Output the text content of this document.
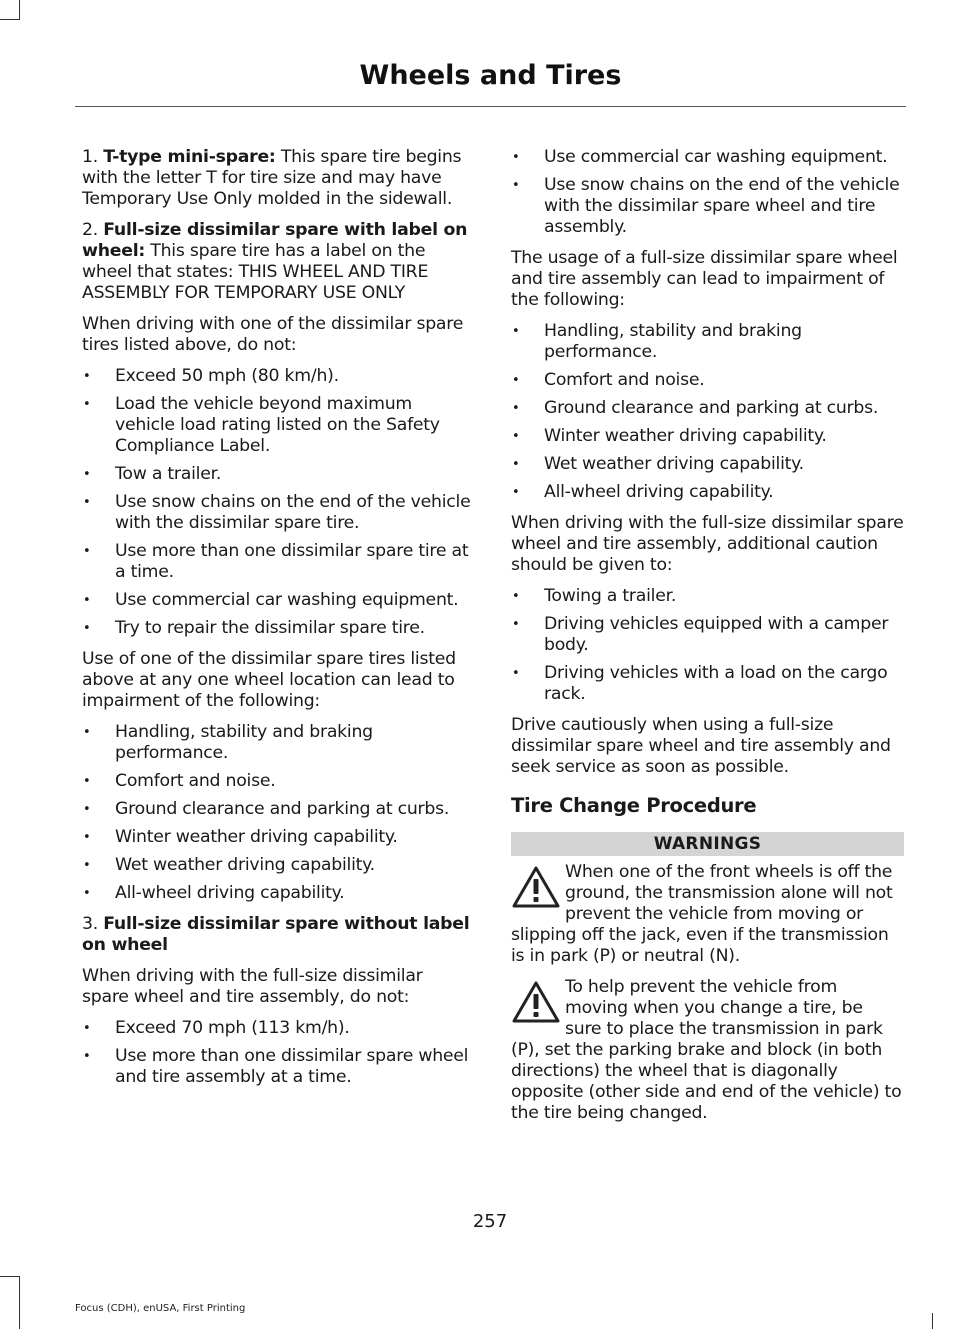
Wheels and Tires

1. T-type mini-spare: This spare tire begins with the letter T for tire size and may have Temporary Use Only molded in the sidewall.

2. Full-size dissimilar spare with label on wheel: This spare tire has a label on the wheel that states: THIS WHEEL AND TIRE ASSEMBLY FOR TEMPORARY USE ONLY

When driving with one of the dissimilar spare tires listed above, do not:

• Exceed 50 mph (80 km/h).
• Load the vehicle beyond maximum vehicle load rating listed on the Safety Compliance Label.
• Tow a trailer.
• Use snow chains on the end of the vehicle with the dissimilar spare tire.
• Use more than one dissimilar spare tire at a time.
• Use commercial car washing equipment.
• Try to repair the dissimilar spare tire.

Use of one of the dissimilar spare tires listed above at any one wheel location can lead to impairment of the following:

• Handling, stability and braking performance.
• Comfort and noise.
• Ground clearance and parking at curbs.
• Winter weather driving capability.
• Wet weather driving capability.
• All-wheel driving capability.

3. Full-size dissimilar spare without label on wheel

When driving with the full-size dissimilar spare wheel and tire assembly, do not:

• Exceed 70 mph (113 km/h).
• Use more than one dissimilar spare wheel and tire assembly at a time.
• Use commercial car washing equipment.
• Use snow chains on the end of the vehicle with the dissimilar spare wheel and tire assembly.

The usage of a full-size dissimilar spare wheel and tire assembly can lead to impairment of the following:

• Handling, stability and braking performance.
• Comfort and noise.
• Ground clearance and parking at curbs.
• Winter weather driving capability.
• Wet weather driving capability.
• All-wheel driving capability.

When driving with the full-size dissimilar spare wheel and tire assembly, additional caution should be given to:

• Towing a trailer.
• Driving vehicles equipped with a camper body.
• Driving vehicles with a load on the cargo rack.

Drive cautiously when using a full-size dissimilar spare wheel and tire assembly and seek service as soon as possible.

Tire Change Procedure
WARNINGS
When one of the front wheels is off the ground, the transmission alone will not prevent the vehicle from moving or slipping off the jack, even if the transmission is in park (P) or neutral (N).
To help prevent the vehicle from moving when you change a tire, be sure to place the transmission in park (P), set the parking brake and block (in both directions) the wheel that is diagonally opposite (other side and end of the vehicle) to the tire being changed.
257
Focus (CDH), enUSA, First Printing
